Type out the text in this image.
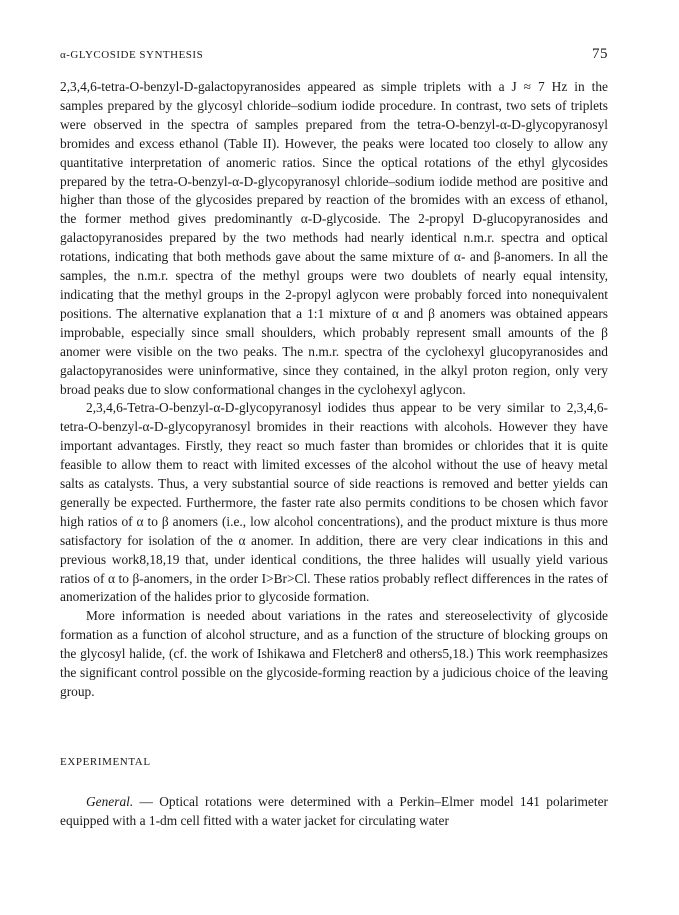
α-GLYCOSIDE SYNTHESIS	75

2,3,4,6-tetra-O-benzyl-D-galactopyranosides appeared as simple triplets with a J ≈ 7 Hz in the samples prepared by the glycosyl chloride–sodium iodide procedure. In contrast, two sets of triplets were observed in the spectra of samples prepared from the tetra-O-benzyl-α-D-glycopyranosyl bromides and excess ethanol (Table II). However, the peaks were located too closely to allow any quantitative interpretation of anomeric ratios. Since the optical rotations of the ethyl glycosides prepared by the tetra-O-benzyl-α-D-glycopyranosyl chloride–sodium iodide method are positive and higher than those of the glycosides prepared by reaction of the bromides with an excess of ethanol, the former method gives predominantly α-D-glycoside. The 2-propyl D-glucopyranosides and galactopyranosides prepared by the two methods had nearly identical n.m.r. spectra and optical rotations, indicating that both methods gave about the same mixture of α- and β-anomers. In all the samples, the n.m.r. spectra of the methyl groups were two doublets of nearly equal intensity, indicating that the methyl groups in the 2-propyl aglycon were probably forced into nonequivalent positions. The alternative explanation that a 1:1 mixture of α and β anomers was obtained appears improbable, especially since small shoulders, which probably represent small amounts of the β anomer were visible on the two peaks. The n.m.r. spectra of the cyclohexyl glucopyranosides and galactopyranosides were uninformative, since they contained, in the alkyl proton region, only very broad peaks due to slow conformational changes in the cyclohexyl aglycon.

2,3,4,6-Tetra-O-benzyl-α-D-glycopyranosyl iodides thus appear to be very similar to 2,3,4,6-tetra-O-benzyl-α-D-glycopyranosyl bromides in their reactions with alcohols. However they have important advantages. Firstly, they react so much faster than bromides or chlorides that it is quite feasible to allow them to react with limited excesses of the alcohol without the use of heavy metal salts as catalysts. Thus, a very substantial source of side reactions is removed and better yields can generally be expected. Furthermore, the faster rate also permits conditions to be chosen which favor high ratios of α to β anomers (i.e., low alcohol concentrations), and the product mixture is thus more satisfactory for isolation of the α anomer. In addition, there are very clear indications in this and previous work8,18,19 that, under identical conditions, the three halides will usually yield various ratios of α to β-anomers, in the order I>Br>Cl. These ratios probably reflect differences in the rates of anomerization of the halides prior to glycoside formation.

More information is needed about variations in the rates and stereoselectivity of glycoside formation as a function of alcohol structure, and as a function of the structure of blocking groups on the glycosyl halide, (cf. the work of Ishikawa and Fletcher8 and others5,18.) This work reemphasizes the significant control possible on the glycoside-forming reaction by a judicious choice of the leaving group.

EXPERIMENTAL

General. — Optical rotations were determined with a Perkin–Elmer model 141 polarimeter equipped with a 1-dm cell fitted with a water jacket for circulating water
